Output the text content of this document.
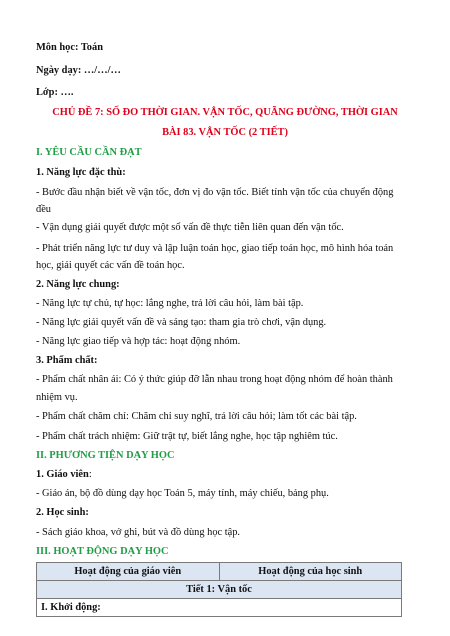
Môn học: Toán
Ngày dạy: …/…/…
Lớp: ….
CHỦ ĐỀ 7: SỐ ĐO THỜI GIAN. VẬN TỐC, QUÃNG ĐƯỜNG, THỜI GIAN
BÀI 83. VẬN TỐC (2 TIẾT)
I. YÊU CẦU CẦN ĐẠT
1. Năng lực đặc thù:
- Bước đầu nhận biết về vận tốc, đơn vị đo vận tốc. Biết tính vận tốc của chuyển động
đều
- Vận dụng giải quyết được một số vấn đề thực tiễn liên quan đến vận tốc.
- Phát triển năng lực tư duy và lập luận toán học, giao tiếp toán học, mô hình hóa toán
học, giải quyết các vấn đề toán học.
2. Năng lực chung:
- Năng lực tự chủ, tự học: lắng nghe, trả lời câu hỏi, làm bài tập.
- Năng lực giải quyết vấn đề và sáng tạo: tham gia trò chơi, vận dụng.
- Năng lực giao tiếp và hợp tác: hoạt động nhóm.
3. Phẩm chất:
- Phẩm chất nhân ái: Có ý thức giúp đỡ lẫn nhau trong hoạt động nhóm để hoàn thành
nhiệm vụ.
- Phẩm chất chăm chỉ: Chăm chỉ suy nghĩ, trả lời câu hỏi; làm tốt các bài tập.
- Phẩm chất trách nhiệm: Giữ trật tự, biết lắng nghe, học tập nghiêm túc.
II. PHƯƠNG TIỆN DẠY HỌC
1. Giáo viên:
- Giáo án, bộ đồ dùng dạy học Toán 5, máy tính, máy chiếu, bảng phụ.
2. Học sinh:
- Sách giáo khoa, vở ghi, bút và đồ dùng học tập.
III. HOẠT ĐỘNG DẠY HỌC
Hoạt động của giáo viên	Hoạt động của học sinh
Tiết 1: Vận tốc
I. Khởi động:
